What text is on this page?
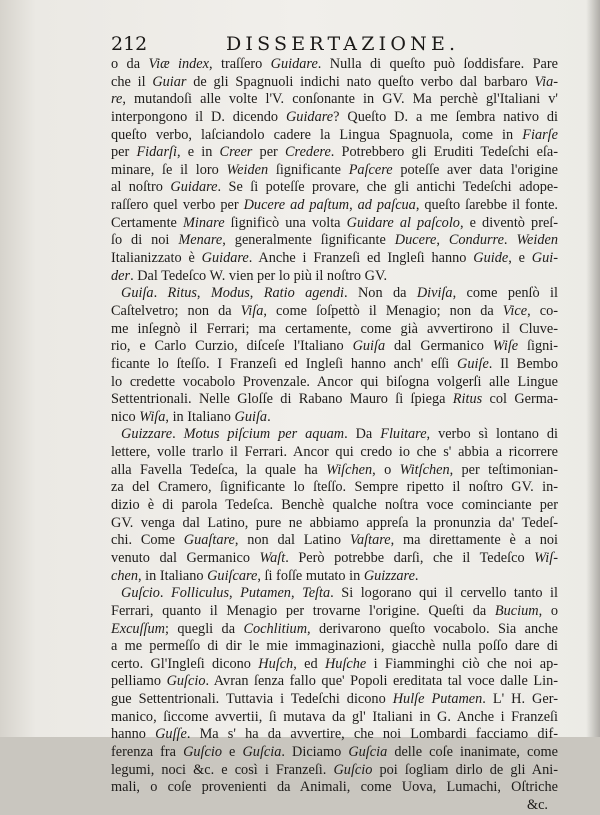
212	DISSERTAZIONE.
o da Viæ index, traſſero Guidare. Nulla di queſto può ſoddisfare. Pare
che il Guiar de gli Spagnuoli indichi nato queſto verbo dal barbaro Via-
re, mutandoſi alle volte l'V. conſonante in GV. Ma perchè gl'Italiani v'
interpongono il D. dicendo Guidare? Queſto D. a me ſembra nativo di
queſto verbo, laſciandolo cadere la Lingua Spagnuola, come in Fiarſe
per Fidarſi, e in Creer per Credere. Potrebbero gli Eruditi Tedeſchi eſa-
minare, ſe il loro Weiden ſignificante Paſcere poteſſe aver data l'origine
al noſtro Guidare. Se ſi poteſſe provare, che gli antichi Tedeſchi adope-
raſſero quel verbo per Ducere ad paſtum, ad paſcua, queſto ſarebbe il fonte.
Certamente Minare ſignificò una volta Guidare al paſcolo, e diventò preſ-
ſo di noi Menare, generalmente ſignificante Ducere, Condurre. Weiden
Italianizzato è Guidare. Anche i Franzeſi ed Ingleſi hanno Guide, e Gui-
der. Dal Tedeſco W. vien per lo più il noſtro GV.
Guiſa. Ritus, Modus, Ratio agendi. Non da Diviſa, come penſò il
Caſtelvetro; non da Viſa, come ſoſpettò il Menagio; non da Vice, co-
me inſegnò il Ferrari; ma certamente, come già avvertirono il Cluve-
rio, e Carlo Curzio, diſceſe l'Italiano Guiſa dal Germanico Wiſe ſigni-
ficante lo ſteſſo. I Franzeſi ed Ingleſi hanno anch' eſſi Guiſe. Il Bembo
lo credette vocabolo Provenzale. Ancor qui biſogna volgerſi alle Lingue
Settentrionali. Nelle Gloſſe di Rabano Mauro ſi ſpiega Ritus col Germa-
nico Wiſa, in Italiano Guiſa.
Guizzare. Motus piſcium per aquam. Da Fluitare, verbo sì lontano di
lettere, volle trarlo il Ferrari. Ancor qui credo io che s' abbia a ricorrere
alla Favella Tedeſca, la quale ha Wiſchen, o Witſchen, per teſtimonian-
za del Cramero, ſignificante lo ſteſſo. Sempre ripetto il noſtro GV. in-
dizio è di parola Tedeſca. Benchè qualche noſtra voce cominciante per
GV. venga dal Latino, pure ne abbiamo appreſa la pronunzia da' Tedeſ-
chi. Come Guaſtare, non dal Latino Vaſtare, ma direttamente è a noi
venuto dal Germanico Waſt. Però potrebbe darſi, che il Tedeſco Wiſ-
chen, in Italiano Guiſcare, ſi foſſe mutato in Guizzare.
Guſcio. Folliculus, Putamen, Teſta. Si logorano qui il cervello tanto il
Ferrari, quanto il Menagio per trovarne l'origine. Queſti da Bucium, o
Excuſſum; quegli da Cochlitium, derivarono queſto vocabolo. Sia anche
a me permeſſo di dir le mie immaginazioni, giacchè nulla poſſo dare di
certo. Gl'Ingleſi dicono Huſch, ed Huſche i Fiamminghi ciò che noi ap-
pelliamo Guſcio. Avran ſenza fallo que' Popoli ereditata tal voce dalle Lin-
gue Settentrionali. Tuttavia i Tedeſchi dicono Hulſe Putamen. L' H. Ger-
manico, ſiccome avvertii, ſi mutava da gl' Italiani in G. Anche i Franzeſi
hanno Guſſe. Ma s' ha da avvertire, che noi Lombardi facciamo dif-
ferenza fra Guſcio e Guſcia. Diciamo Guſcia delle coſe inanimate, come
legumi, noci &c. e così i Franzeſi. Guſcio poi ſogliam dirlo de gli Ani-
mali, o coſe provenienti da Animali, come Uova, Lumachi, Oſtriche
&c.
